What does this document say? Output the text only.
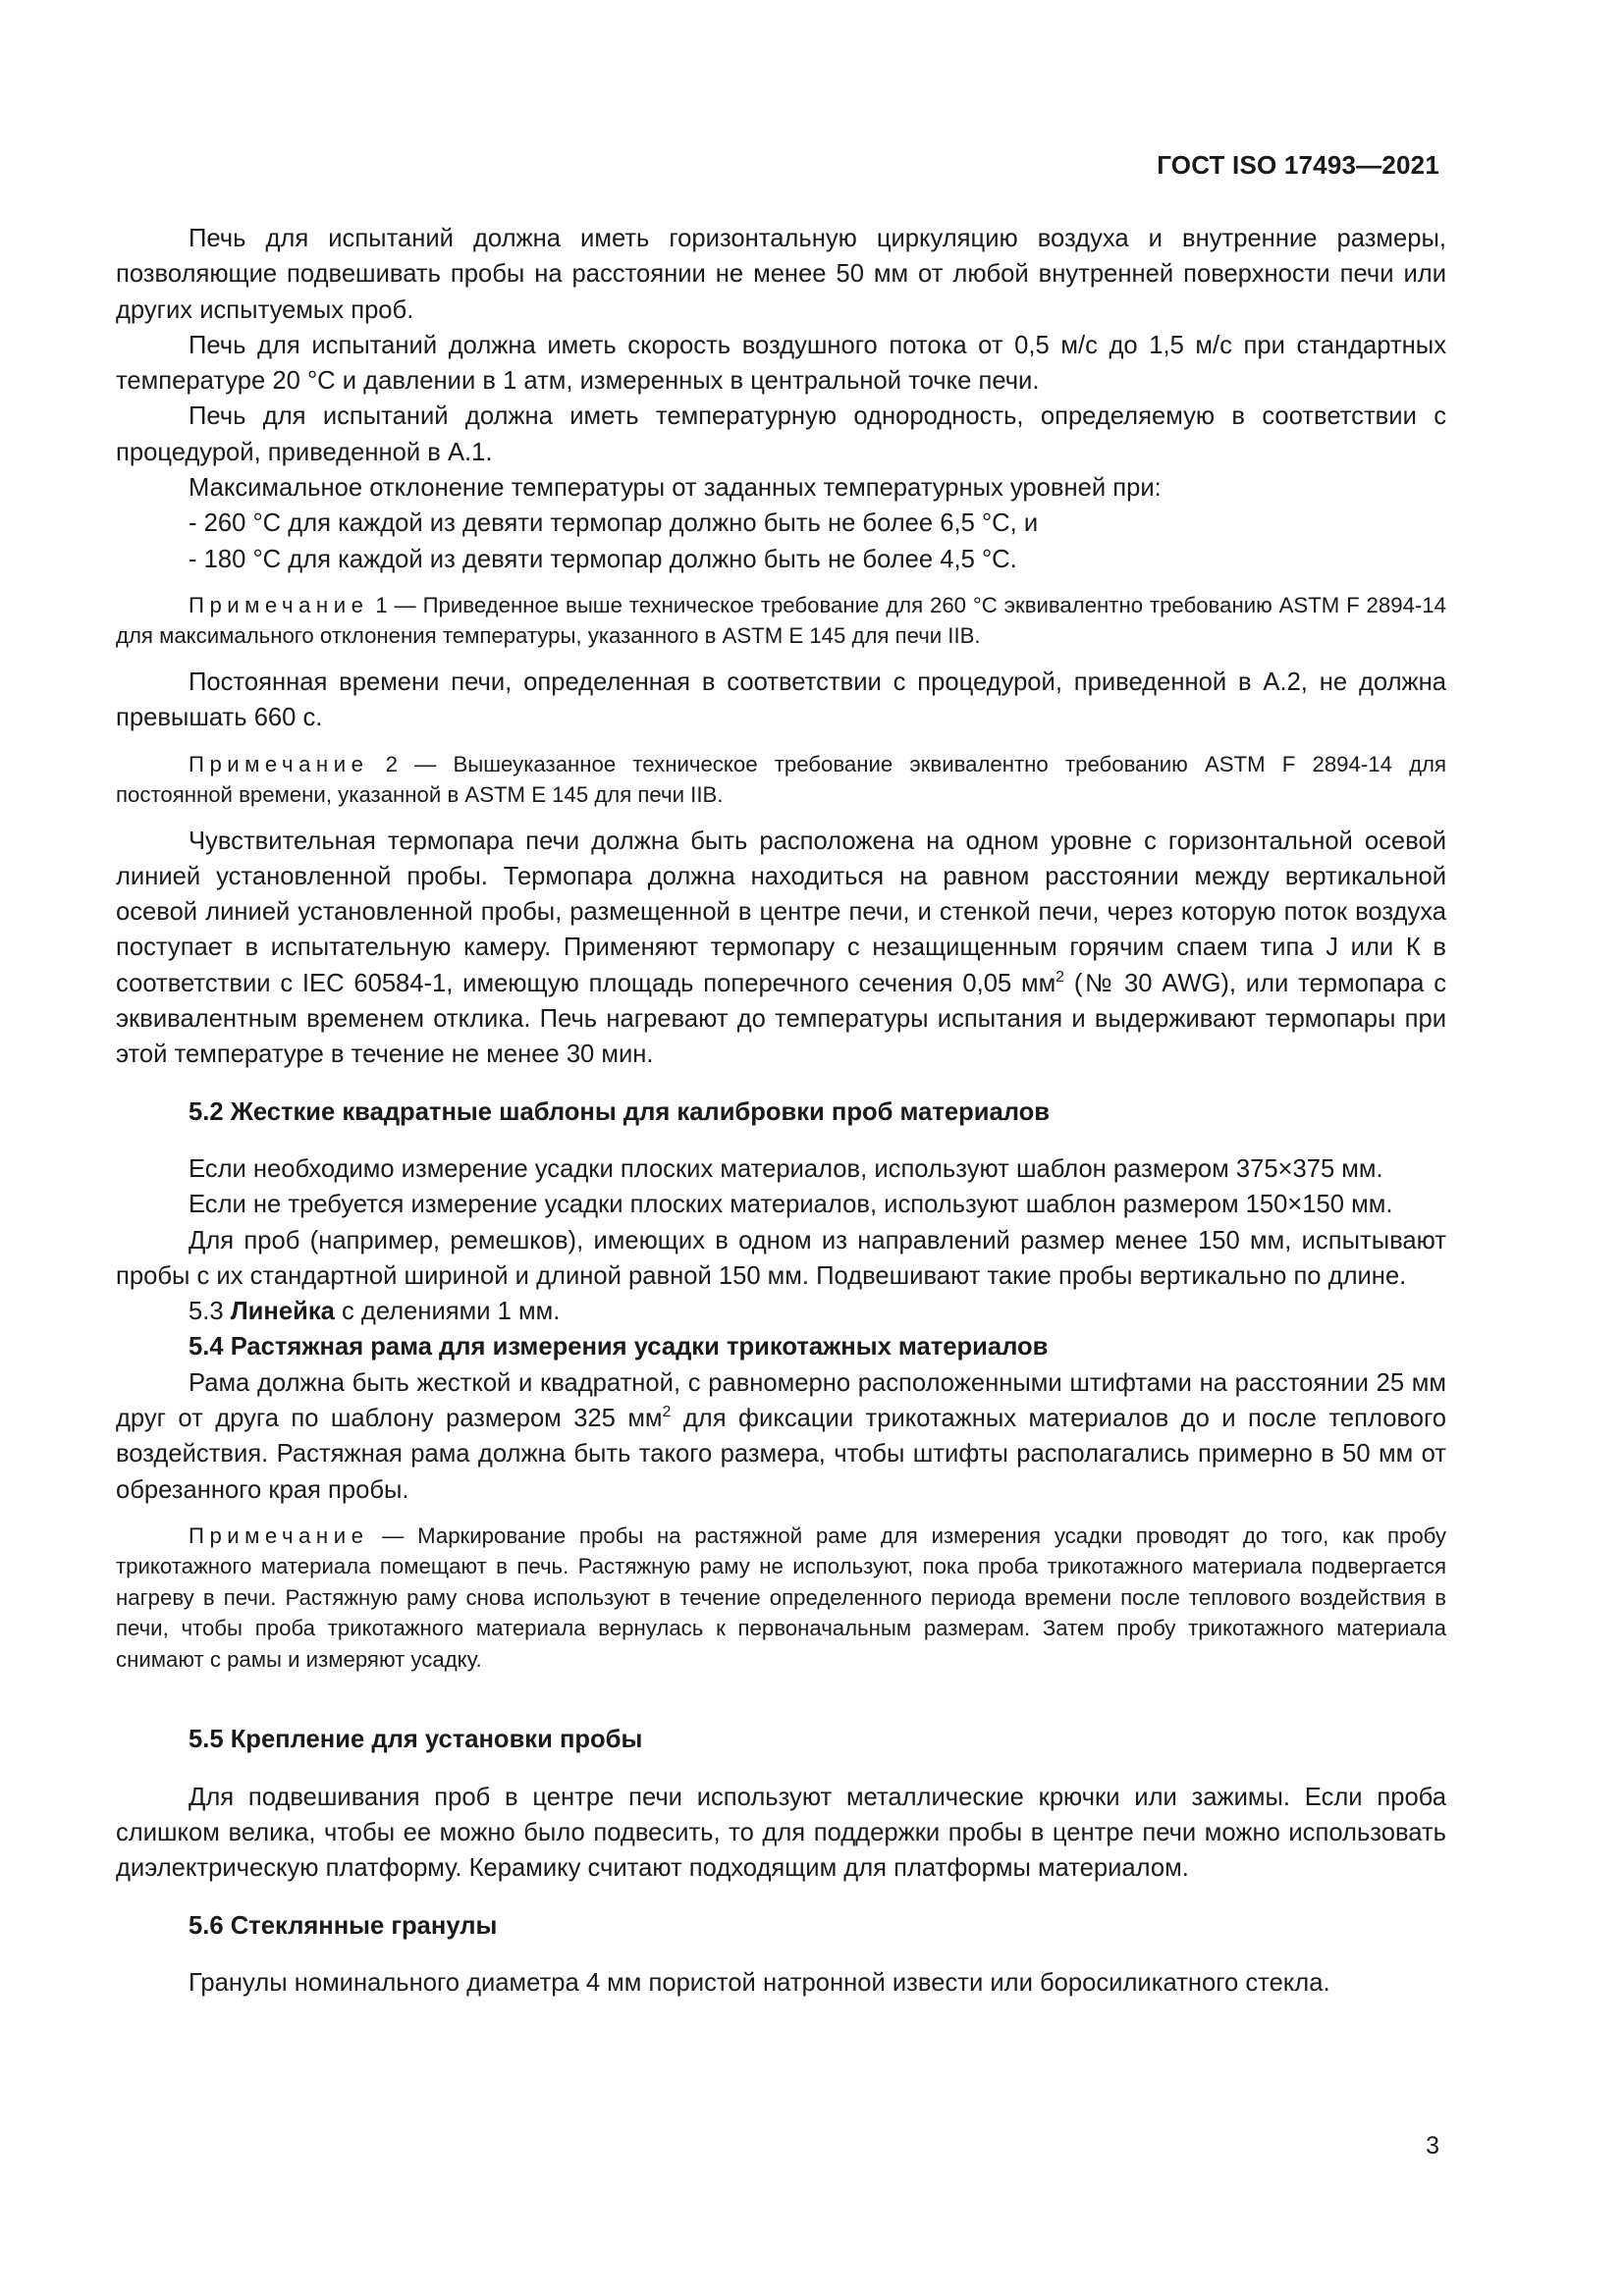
ГОСТ ISO 17493—2021

Печь для испытаний должна иметь горизонтальную циркуляцию воздуха и внутренние размеры, позволяющие подвешивать пробы на расстоянии не менее 50 мм от любой внутренней поверхности печи или других испытуемых проб.

Печь для испытаний должна иметь скорость воздушного потока от 0,5 м/с до 1,5 м/с при стандартных температуре 20 °С и давлении в 1 атм, измеренных в центральной точке печи.

Печь для испытаний должна иметь температурную однородность, определяемую в соответствии с процедурой, приведенной в А.1.

Максимальное отклонение температуры от заданных температурных уровней при:

- 260 °С для каждой из девяти термопар должно быть не более 6,5 °С, и

- 180 °С для каждой из девяти термопар должно быть не более 4,5 °С.

Примечание 1 — Приведенное выше техническое требование для 260 °С эквивалентно требованию ASTM F 2894-14 для максимального отклонения температуры, указанного в ASTM E 145 для печи IIB.

Постоянная времени печи, определенная в соответствии с процедурой, приведенной в А.2, не должна превышать 660 с.

Примечание 2 — Вышеуказанное техническое требование эквивалентно требованию ASTM F 2894-14 для постоянной времени, указанной в ASTM E 145 для печи IIB.

Чувствительная термопара печи должна быть расположена на одном уровне с горизонтальной осевой линией установленной пробы. Термопара должна находиться на равном расстоянии между вертикальной осевой линией установленной пробы, размещенной в центре печи, и стенкой печи, через которую поток воздуха поступает в испытательную камеру. Применяют термопару с незащищенным горячим спаем типа J или К в соответствии с IEC 60584-1, имеющую площадь поперечного сечения 0,05 $мм^2$ (№ 30 AWG), или термопара с эквивалентным временем отклика. Печь нагревают до температуры испытания и выдерживают термопары при этой температуре в течение не менее 30 мин.

5.2 Жесткие квадратные шаблоны для калибровки проб материалов

Если необходимо измерение усадки плоских материалов, используют шаблон размером 375×375 мм.

Если не требуется измерение усадки плоских материалов, используют шаблон размером 150×150 мм.

Для проб (например, ремешков), имеющих в одном из направлений размер менее 150 мм, испытывают пробы с их стандартной шириной и длиной равной 150 мм. Подвешивают такие пробы вертикально по длине.

5.3 Линейка с делениями 1 мм.

5.4 Растяжная рама для измерения усадки трикотажных материалов

Рама должна быть жесткой и квадратной, с равномерно расположенными штифтами на расстоянии 25 мм друг от друга по шаблону размером 325 $мм^2$ для фиксации трикотажных материалов до и после теплового воздействия. Растяжная рама должна быть такого размера, чтобы штифты располагались примерно в 50 мм от обрезанного края пробы.

Примечание — Маркирование пробы на растяжной раме для измерения усадки проводят до того, как пробу трикотажного материала помещают в печь. Растяжную раму не используют, пока проба трикотажного материала подвергается нагреву в печи. Растяжную раму снова используют в течение определенного периода времени после теплового воздействия в печи, чтобы проба трикотажного материала вернулась к первоначальным размерам. Затем пробу трикотажного материала снимают с рамы и измеряют усадку.

5.5 Крепление для установки пробы

Для подвешивания проб в центре печи используют металлические крючки или зажимы. Если проба слишком велика, чтобы ее можно было подвесить, то для поддержки пробы в центре печи можно использовать диэлектрическую платформу. Керамику считают подходящим для платформы материалом.

5.6 Стеклянные гранулы

Гранулы номинального диаметра 4 мм пористой натронной извести или боросиликатного стекла.

3
